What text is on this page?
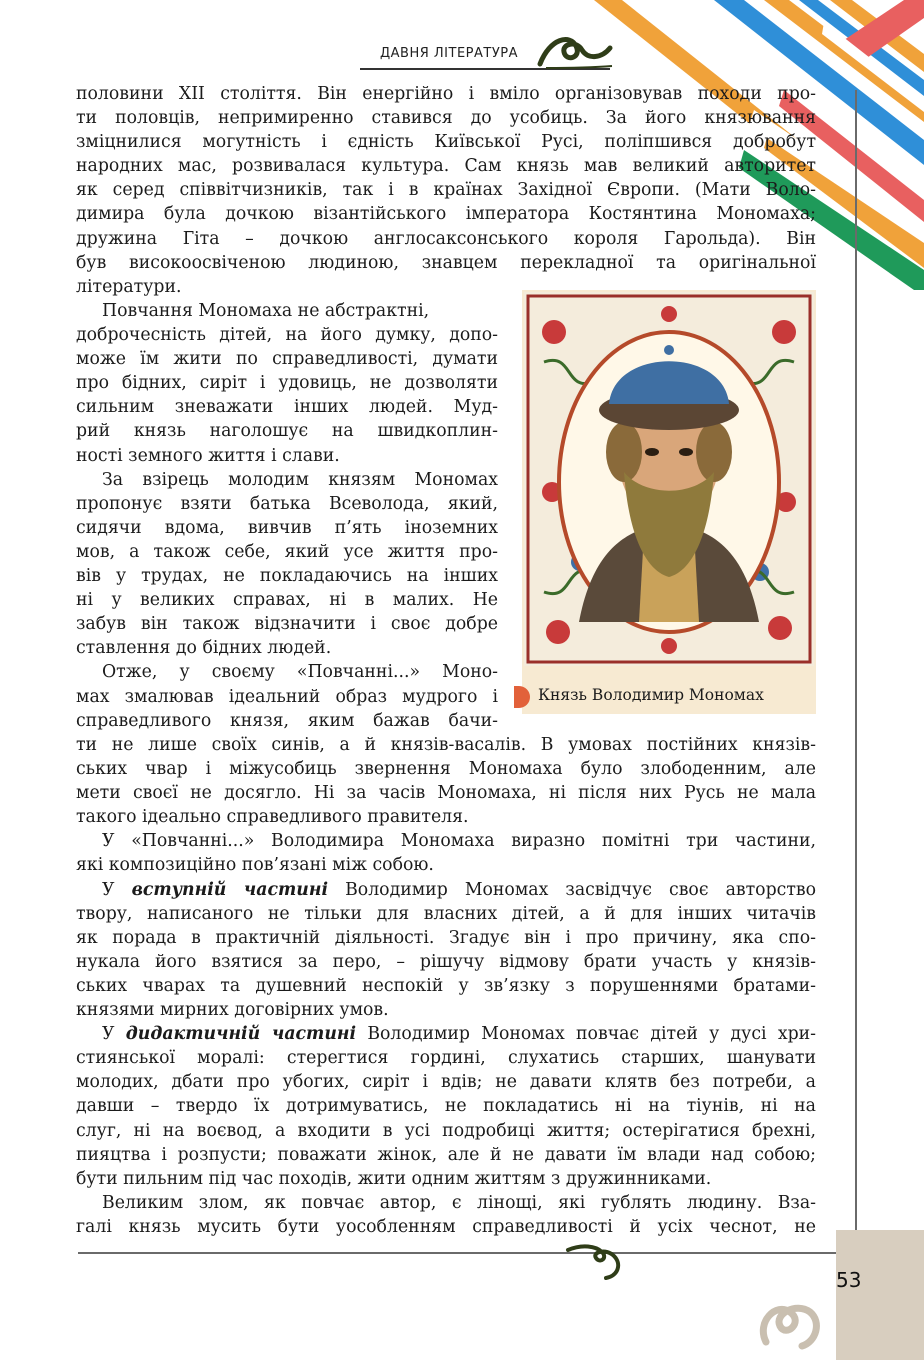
ДАВНЯ ЛІТЕРАТУРА
половини XII століття. Він енергійно і вміло організовував походи про-
ти половців, непримиренно ставився до усобиць. За його князювання
зміцнилися могутність і єдність Київської Русі, поліпшився добробут
народних мас, розвивалася культура. Сам князь мав великий авторитет
як серед співвітчизників, так і в країнах Західної Європи. (Мати Воло-
димира була дочкою візантійського імператора Костянтина Мономаха;
дружина Гіта – дочкою англосаксонського короля Гарольда). Він
був високоосвіченою людиною, знавцем перекладної та оригінальної
літератури.
Повчання Мономаха не абстрактні,
доброчесність дітей, на його думку, допо-
може їм жити по справедливості, думати
про бідних, сиріт і удовиць, не дозволяти
сильним зневажати інших людей. Муд-
рий князь наголошує на швидкоплин-
ності земного життя і слави.
За взірець молодим князям Мономах
пропонує взяти батька Всеволода, який,
сидячи вдома, вивчив п’ять іноземних
мов, а також себе, який усе життя про-
вів у трудах, не покладаючись на інших
ні у великих справах, ні в малих. Не
забув він також відзначити і своє добре
ставлення до бідних людей.
Отже, у своєму «Повчанні...» Моно-
мах змалював ідеальний образ мудрого і
справедливого князя, яким бажав бачи-
ти не лише своїх синів, а й князів-васалів. В умовах постійних князів-
ських чвар і міжусобиць звернення Мономаха було злободенним, але
мети своєї не досягло. Ні за часів Мономаха, ні після них Русь не мала
такого ідеально справедливого правителя.
У «Повчанні...» Володимира Мономаха виразно помітні три частини,
які композиційно пов’язані між собою.
У вступній частині Володимир Мономах засвідчує своє авторство
твору, написаного не тільки для власних дітей, а й для інших читачів
як порада в практичній діяльності. Згадує він і про причину, яка спо-
нукала його взятися за перо, – рішучу відмову брати участь у князів-
ських чварах та душевний неспокій у зв’язку з порушеннями братами-
князями мирних договірних умов.
У дидактичній частині Володимир Мономах повчає дітей у дусі хри-
стиянської моралі: стерегтися гордині, слухатись старших, шанувати
молодих, дбати про убогих, сиріт і вдів; не давати клятв без потреби, а
давши – твердо їх дотримуватись, не покладатись ні на тіунів, ні на
слуг, ні на воєвод, а входити в усі подробиці життя; остерігатися брехні,
пияцтва і розпусти; поважати жінок, але й не давати їм влади над собою;
бути пильним під час походів, жити одним життям з дружинниками.
Великим злом, як повчає автор, є лінощі, які гублять людину. Вза-
галі князь мусить бути уособленням справедливості й усіх чеснот, не
Князь Володимир Мономах
53
